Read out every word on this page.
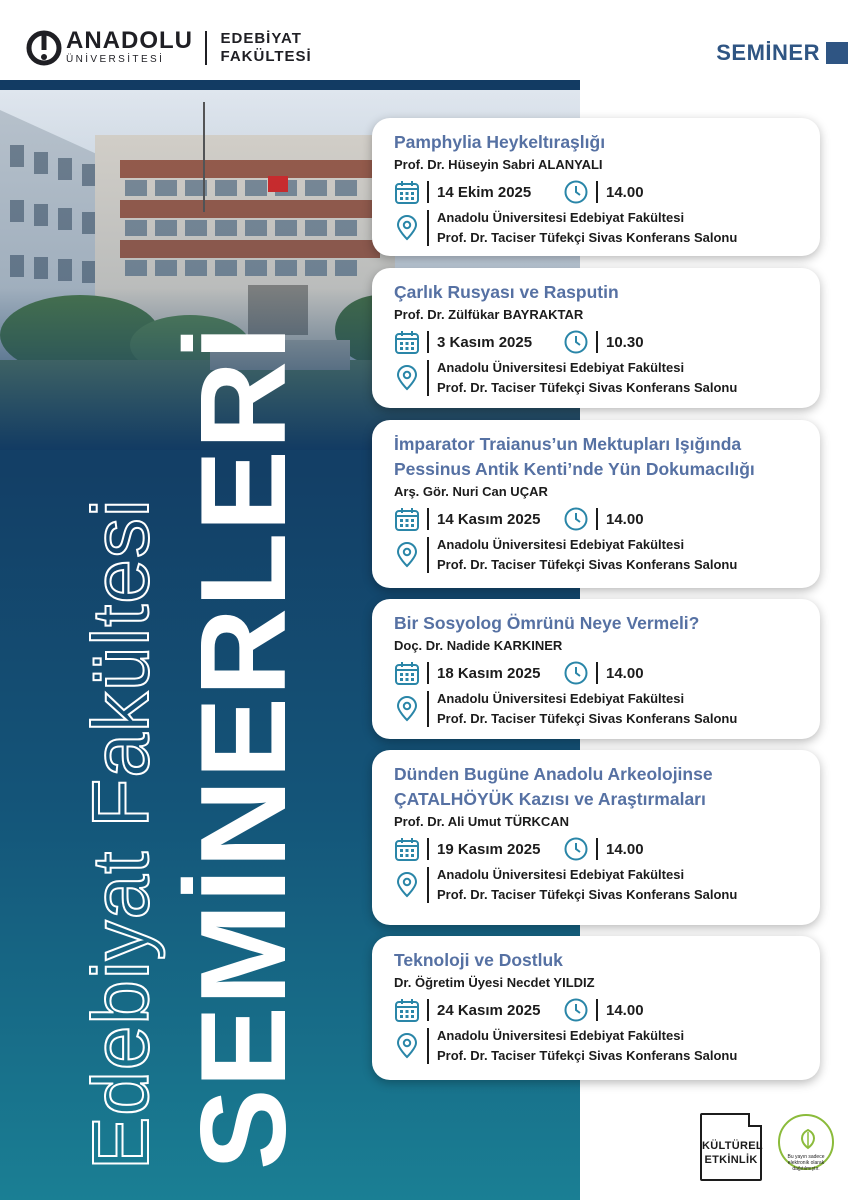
ANADOLU
ÜNİVERSİTESİ
EDEBİYAT
FAKÜLTESİ	SEMİNER
Edebiyat Fakültesi SEMİNERLERİ
Pamphylia Heykeltıraşlığı
Prof. Dr. Hüseyin Sabri ALANYALI
14 Ekim 2025	14.00
Anadolu Üniversitesi Edebiyat Fakültesi
Prof. Dr. Taciser Tüfekçi Sivas Konferans Salonu
Çarlık Rusyası ve Rasputin
Prof. Dr. Zülfükar BAYRAKTAR
3 Kasım 2025	10.30
Anadolu Üniversitesi Edebiyat Fakültesi
Prof. Dr. Taciser Tüfekçi Sivas Konferans Salonu
İmparator Traianus’un Mektupları Işığında
Pessinus Antik Kenti’nde Yün Dokumacılığı
Arş. Gör. Nuri Can UÇAR
14 Kasım 2025	14.00
Anadolu Üniversitesi Edebiyat Fakültesi
Prof. Dr. Taciser Tüfekçi Sivas Konferans Salonu
Bir Sosyolog Ömrünü Neye Vermeli?
Doç. Dr. Nadide KARKINER
18 Kasım 2025	14.00
Anadolu Üniversitesi Edebiyat Fakültesi
Prof. Dr. Taciser Tüfekçi Sivas Konferans Salonu
Dünden Bugüne Anadolu Arkeolojinse
ÇATALHÖYÜK Kazısı ve Araştırmaları
Prof. Dr. Ali Umut TÜRKCAN
19 Kasım 2025	14.00
Anadolu Üniversitesi Edebiyat Fakültesi
Prof. Dr. Taciser Tüfekçi Sivas Konferans Salonu
Teknoloji ve Dostluk
Dr. Öğretim Üyesi Necdet YILDIZ
24 Kasım 2025	14.00
Anadolu Üniversitesi Edebiyat Fakültesi
Prof. Dr. Taciser Tüfekçi Sivas Konferans Salonu
KÜLTÜREL
ETKİNLİK	Bu yayın sadece elektronik olarak dağıtılmıştır.
